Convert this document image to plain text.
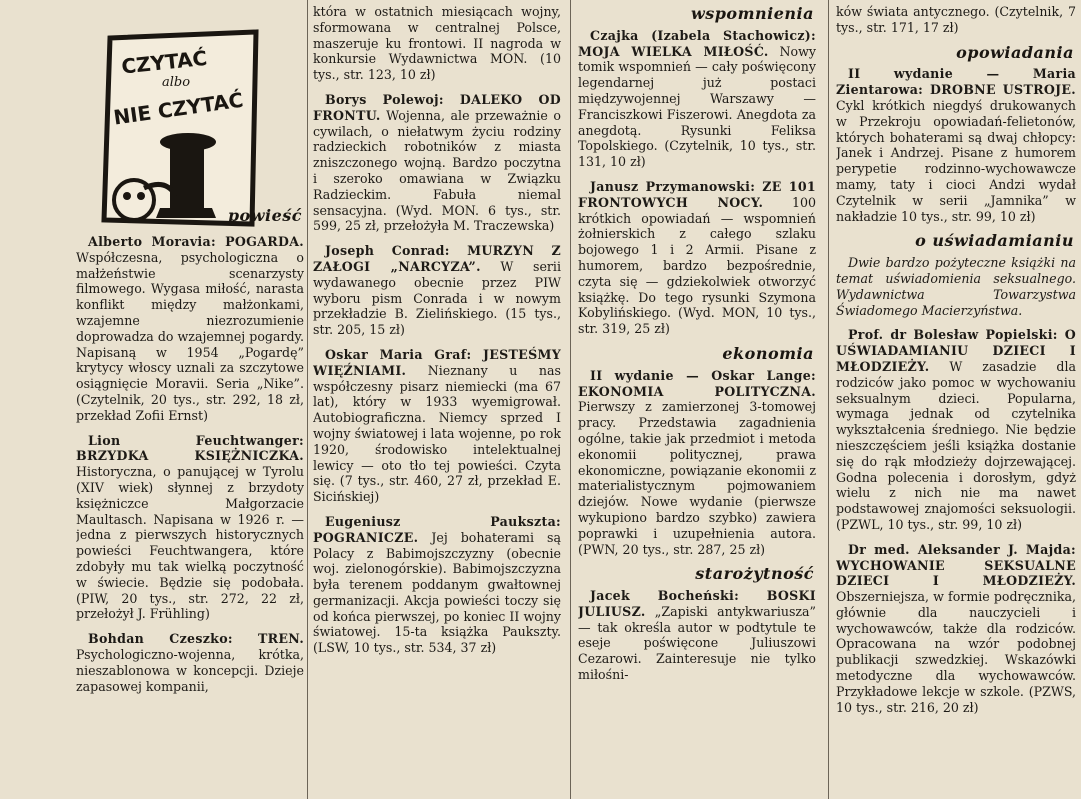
CZYTAĆ
albo
NIE CZYTAĆ
powieść

Alberto Moravia: POGARDA. Współczesna, psychologiczna o małżeństwie scenarzysty filmowego. Wygasa miłość, narasta konflikt między małżonkami, wzajemne niezrozumienie doprowadza do wzajemnej pogardy. Napisaną w 1954 „Pogardę” krytycy włoscy uznali za szczytowe osiągnięcie Moravii. Seria „Nike”. (Czytelnik, 20 tys., str. 292, 18 zł, przekład Zofii Ernst)

Lion Feuchtwanger: BRZYDKA KSIĘŻNICZKA. Historyczna, o panującej w Tyrolu (XIV wiek) słynnej z brzydoty księżniczce Małgorzacie Maultasch. Napisana w 1926 r. — jedna z pierwszych historycznych powieści Feuchtwangera, które zdobyły mu tak wielką poczytność w świecie. Będzie się podobała. (PIW, 20 tys., str. 272, 22 zł, przełożył J. Frühling)

Bohdan Czeszko: TREN. Psychologiczno-wojenna, krótka, nieszablonowa w koncepcji. Dzieje zapasowej kompanii,

która w ostatnich miesiącach wojny, sformowana w centralnej Polsce, maszeruje ku frontowi. II nagroda w konkursie Wydawnictwa MON. (10 tys., str. 123, 10 zł)

Borys Polewoj: DALEKO OD FRONTU. Wojenna, ale przeważnie o cywilach, o niełatwym życiu rodziny radzieckich robotników z miasta zniszczonego wojną. Bardzo poczytna i szeroko omawiana w Związku Radzieckim. Fabuła niemal sensacyjna. (Wyd. MON. 6 tys., str. 599, 25 zł, przełożyła M. Traczewska)

Joseph Conrad: MURZYN Z ZAŁOGI „NARCYZA”. W serii wydawanego obecnie przez PIW wyboru pism Conrada i w nowym przekładzie B. Zielińskiego. (15 tys., str. 205, 15 zł)

Oskar Maria Graf: JESTEŚMY WIĘŹNIAMI. Nieznany u nas współczesny pisarz niemiecki (ma 67 lat), który w 1933 wyemigrował. Autobiograficzna. Niemcy sprzed I wojny światowej i lata wojenne, po rok 1920, środowisko intelektualnej lewicy — oto tło tej powieści. Czyta się. (7 tys., str. 460, 27 zł, przekład E. Sicińskiej)

Eugeniusz Paukszta: POGRANICZE. Jej bohaterami są Polacy z Babimojszczyzny (obecnie woj. zielonogórskie). Babimojszczyzna była terenem poddanym gwałtownej germanizacji. Akcja powieści toczy się od końca pierwszej, po koniec II wojny światowej. 15-ta książka Paukszty. (LSW, 10 tys., str. 534, 37 zł)

wspomnienia

Czajka (Izabela Stachowicz): MOJA WIELKA MIŁOŚĆ. Nowy tomik wspomnień — cały poświęcony legendarnej już postaci międzywojennej Warszawy — Franciszkowi Fiszerowi. Anegdota za anegdotą. Rysunki Feliksa Topolskiego. (Czytelnik, 10 tys., str. 131, 10 zł)

Janusz Przymanowski: ZE 101 FRONTOWYCH NOCY. 100 krótkich opowiadań — wspomnień żołnierskich z całego szlaku bojowego 1 i 2 Armii. Pisane z humorem, bardzo bezpośrednie, czyta się — gdziekolwiek otworzyć książkę. Do tego rysunki Szymona Kobylińskiego. (Wyd. MON, 10 tys., str. 319, 25 zł)

ekonomia

II wydanie — Oskar Lange: EKONOMIA POLITYCZNA. Pierwszy z zamierzonej 3-tomowej pracy. Przedstawia zagadnienia ogólne, takie jak przedmiot i metoda ekonomii politycznej, prawa ekonomiczne, powiązanie ekonomii z materialistycznym pojmowaniem dziejów. Nowe wydanie (pierwsze wykupiono bardzo szybko) zawiera poprawki i uzupełnienia autora. (PWN, 20 tys., str. 287, 25 zł)

starożytność

Jacek Bocheński: BOSKI JULIUSZ. „Zapiski antykwariusza” — tak określa autor w podtytule te eseje poświęcone Juliuszowi Cezarowi. Zainteresuje nie tylko miłośni-

ków świata antycznego. (Czytelnik, 7 tys., str. 171, 17 zł)

opowiadania

II wydanie — Maria Zientarowa: DROBNE USTROJE. Cykl krótkich niegdyś drukowanych w Przekroju opowiadań-felietonów, których bohaterami są dwaj chłopcy: Janek i Andrzej. Pisane z humorem perypetie rodzinno-wychowawcze mamy, taty i cioci Andzi wydał Czytelnik w serii „Jamnika” w nakładzie 10 tys., str. 99, 10 zł)

o uświadamianiu

Dwie bardzo pożyteczne książki na temat uświadomienia seksualnego. Wydawnictwa Towarzystwa Świadomego Macierzyństwa.

Prof. dr Bolesław Popielski: O UŚWIADAMIANIU DZIECI I MŁODZIEŻY. W zasadzie dla rodziców jako pomoc w wychowaniu seksualnym dzieci. Popularna, wymaga jednak od czytelnika wykształcenia średniego. Nie będzie nieszczęściem jeśli książka dostanie się do rąk młodzieży dojrzewającej. Godna polecenia i dorosłym, gdyż wielu z nich nie ma nawet podstawowej znajomości seksuologii. (PZWL, 10 tys., str. 99, 10 zł)

Dr med. Aleksander J. Majda: WYCHOWANIE SEKSUALNE DZIECI I MŁODZIEŻY. Obszerniejsza, w formie podręcznika, głównie dla nauczycieli i wychowawców, także dla rodziców. Opracowana na wzór podobnej publikacji szwedzkiej. Wskazówki metodyczne dla wychowawców. Przykładowe lekcje w szkole. (PZWS, 10 tys., str. 216, 20 zł)
